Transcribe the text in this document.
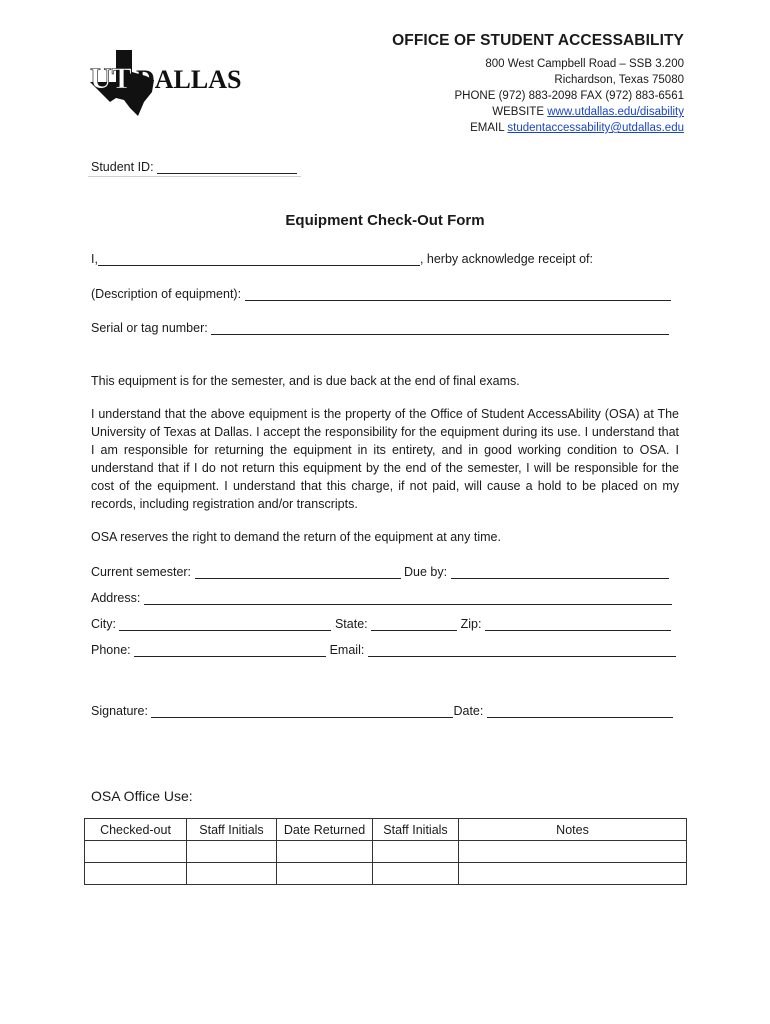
UT DALLAS
OFFICE OF STUDENT ACCESSABILITY
800 West Campbell Road – SSB 3.200
Richardson, Texas 75080
PHONE (972) 883-2098 FAX (972) 883-6561
WEBSITE www.utdallas.edu/disability
EMAIL studentaccessability@utdallas.edu
Student ID:
Equipment Check-Out Form
I,	, herby acknowledge receipt of:
(Description of equipment):
Serial or tag number:
This equipment is for the semester, and is due back at the end of final exams.
I understand that the above equipment is the property of the Office of Student AccessAbility (OSA) at The University of Texas at Dallas. I accept the responsibility for the equipment during its use. I understand that I am responsible for returning the equipment in its entirety, and in good working condition to OSA. I understand that if I do not return this equipment by the end of the semester, I will be responsible for the cost of the equipment. I understand that this charge, if not paid, will cause a hold to be placed on my records, including registration and/or transcripts.
OSA reserves the right to demand the return of the equipment at any time.
Current semester:	Due by:
Address:
City:	State:	Zip:
Phone:	Email:
Signature:	Date:
OSA Office Use:
Checked-out	Staff Initials	Date Returned	Staff Initials	Notes
